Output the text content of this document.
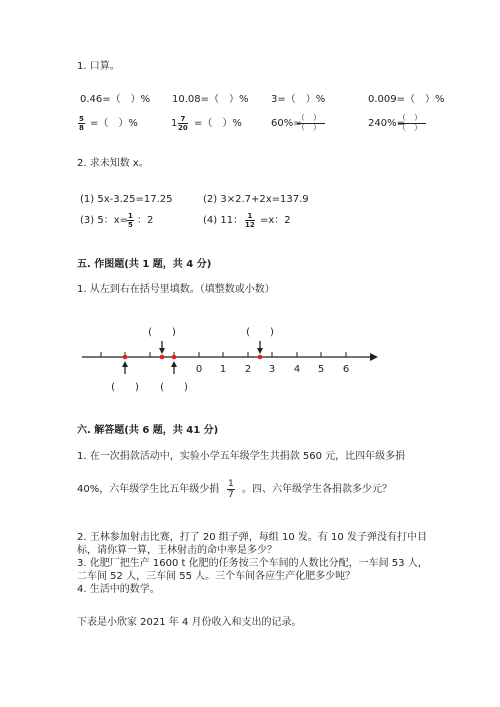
1. 口算。
0.46=（　）% 10.08=（　）% 3=（　）%	0.009=（　）%
$\frac{5}{8}$ =（　）%	$1 \frac{7}{20}$ =（　）%	60%=
（　）
（　）	240%=
（　）
（　）
2. 求未知数 x。
(1) 5x-3.25=17.25	(2) 3×2.7+2x=137.9
(3) 5：x=
$\frac{1}{5}$ ：2	(4) 11： $\frac{1}{12} =x$：2
五. 作图题(共 1 题，共 4 分)
1. 从左到右在括号里填数。（填整数或小数）
0 1 2 3 4 5 6
(　　)	(　　)
(　　) (　　)
六. 解答题(共 6 题，共 41 分)
1. 在一次捐款活动中，实验小学五年级学生共捐款 560 元，比四年级多捐
40%，六年级学生比五年级少捐 $\frac{1}{7}$ 。四、六年级学生各捐款多少元？
2. 王林参加射击比赛，打了 20 组子弹，每组 10 发。有 10 发子弹没有打中目
标，请你算一算，王林射击的命中率是多少？
3. 化肥厂把生产 1600 t 化肥的任务按三个车间的人数比分配，一车间 53 人，
二车间 52 人，三车间 55 人。三个车间各应生产化肥多少吨？
4. 生活中的数学。
下表是小欣家 2021 年 4 月份收入和支出的记录。
